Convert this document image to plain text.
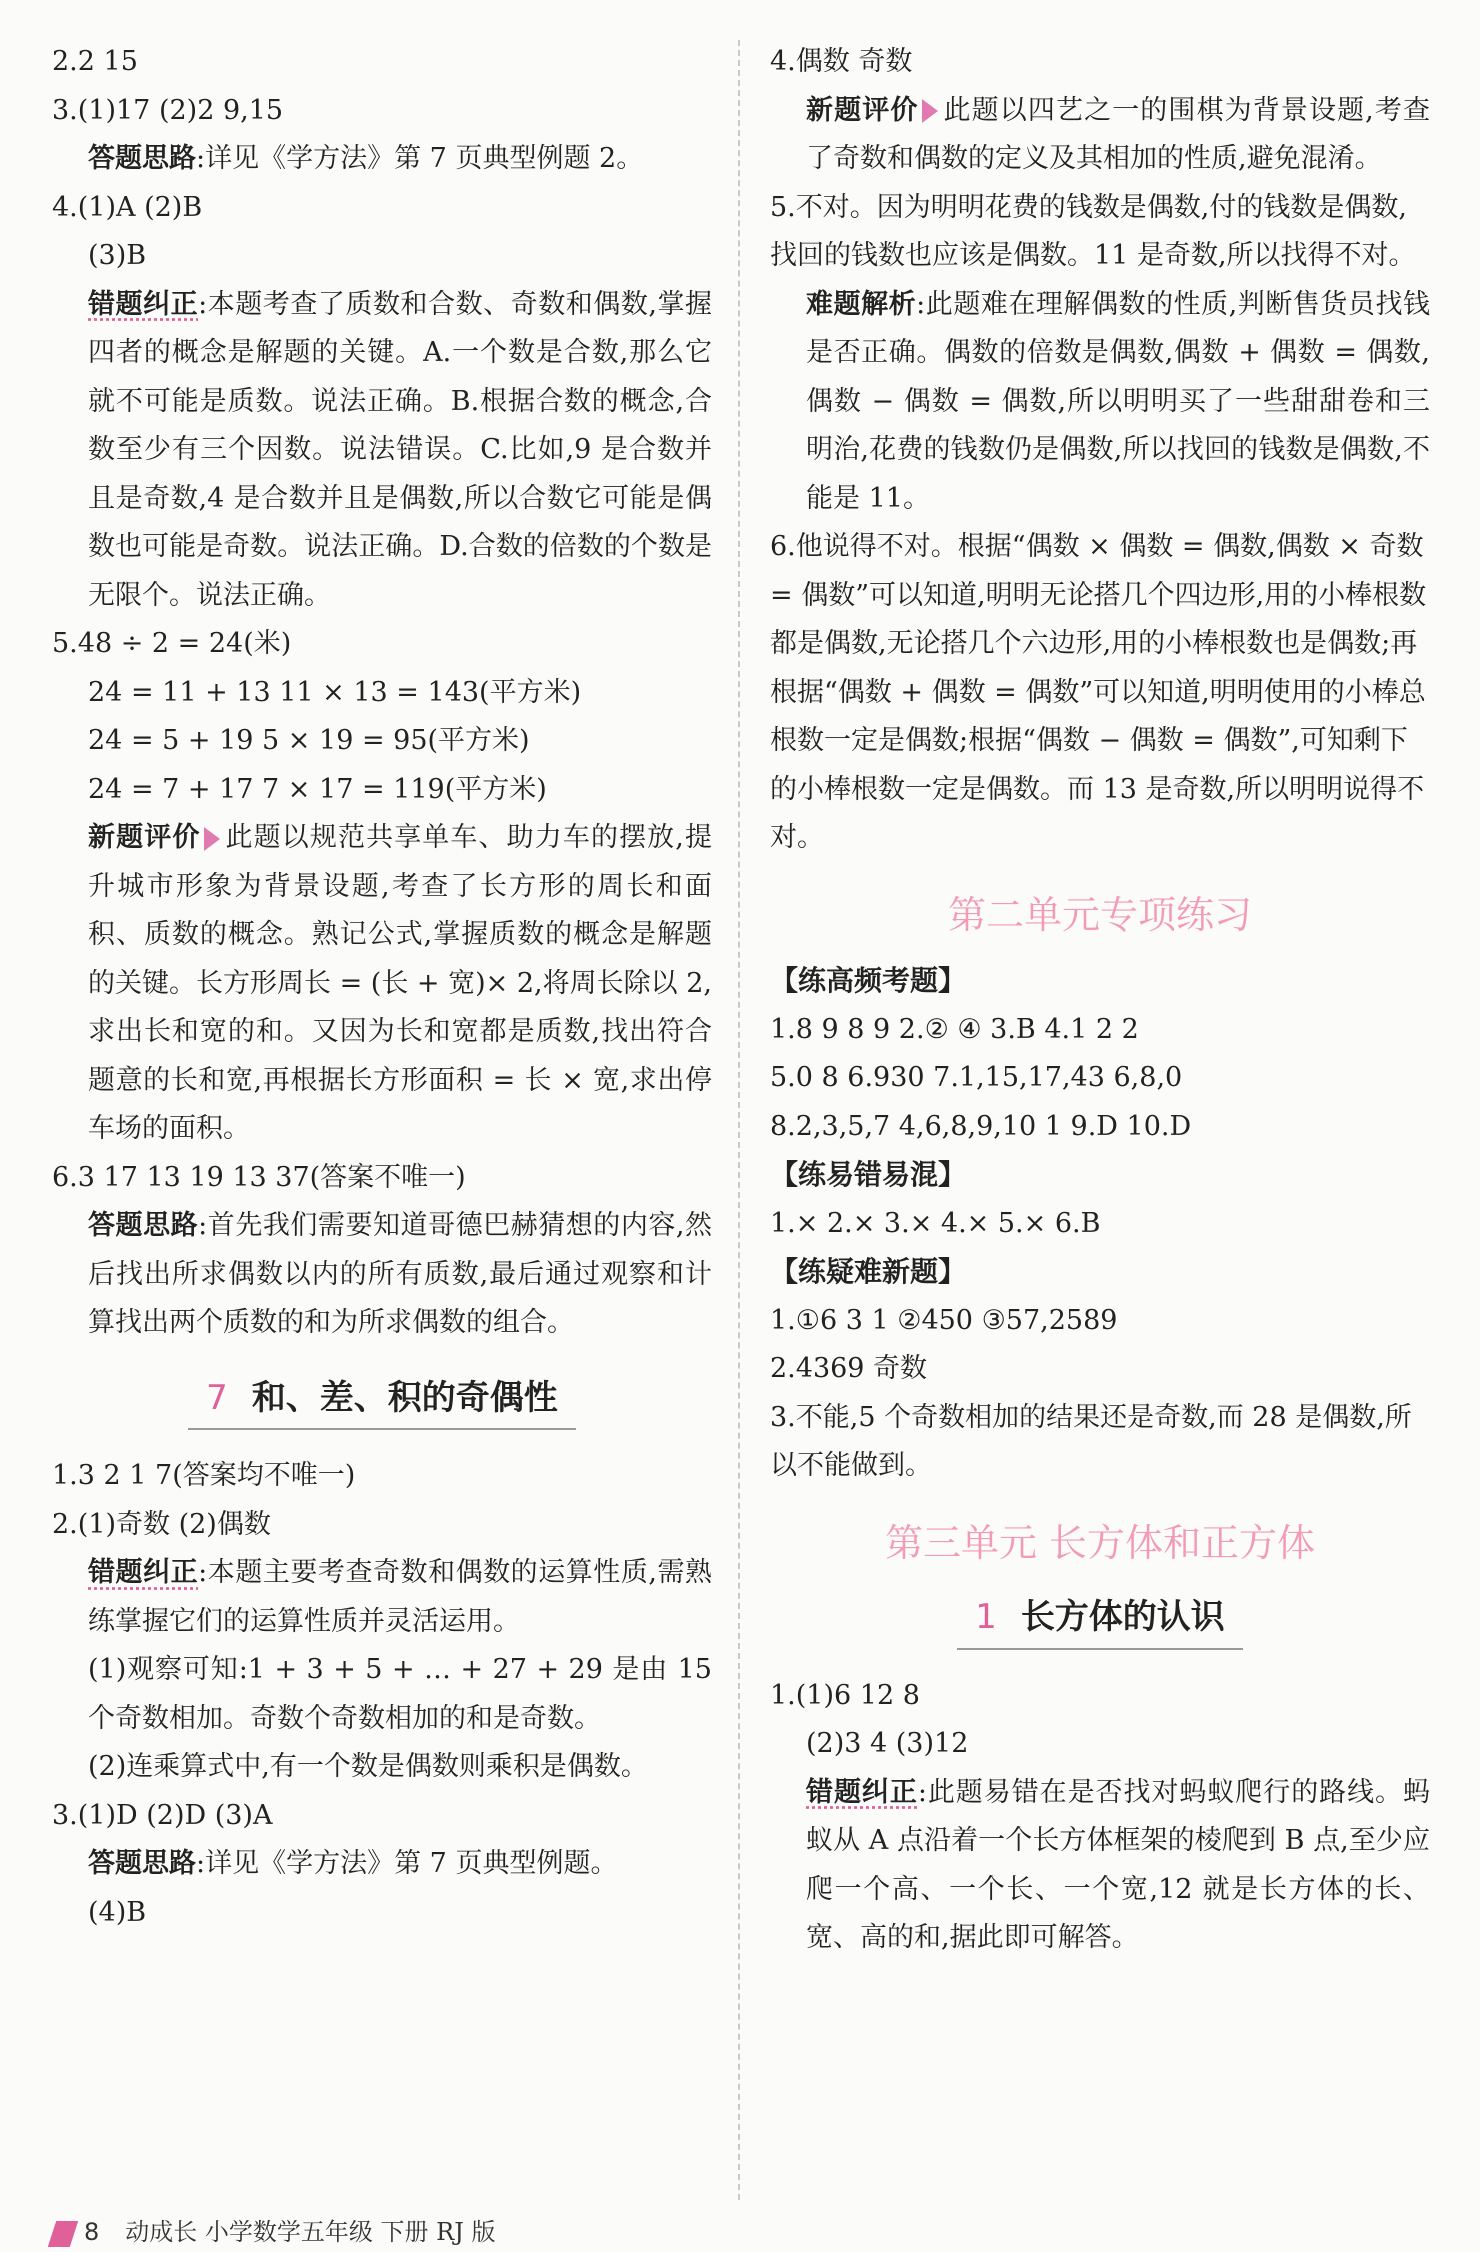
2.2 15
3.(1)17 (2)2 9,15
答题思路:详见《学方法》第 7 页典型例题 2。
4.(1)A (2)B
(3)B
错题纠正:本题考查了质数和合数、奇数和偶数,掌握四者的概念是解题的关键。A.一个数是合数,那么它就不可能是质数。说法正确。B.根据合数的概念,合数至少有三个因数。说法错误。C.比如,9 是合数并且是奇数,4 是合数并且是偶数,所以合数它可能是偶数也可能是奇数。说法正确。D.合数的倍数的个数是无限个。说法正确。
5.48 ÷ 2 = 24(米)
24 = 11 + 13 11 × 13 = 143(平方米)
24 = 5 + 19 5 × 19 = 95(平方米)
24 = 7 + 17 7 × 17 = 119(平方米)
新题评价 此题以规范共享单车、助力车的摆放,提升城市形象为背景设题,考查了长方形的周长和面积、质数的概念。熟记公式,掌握质数的概念是解题的关键。长方形周长 = (长 + 宽)× 2,将周长除以 2,求出长和宽的和。又因为长和宽都是质数,找出符合题意的长和宽,再根据长方形面积 = 长 × 宽,求出停车场的面积。
6.3 17 13 19 13 37(答案不唯一)
答题思路:首先我们需要知道哥德巴赫猜想的内容,然后找出所求偶数以内的所有质数,最后通过观察和计算找出两个质数的和为所求偶数的组合。
7 和、差、积的奇偶性
1.3 2 1 7(答案均不唯一)
2.(1)奇数 (2)偶数
错题纠正:本题主要考查奇数和偶数的运算性质,需熟练掌握它们的运算性质并灵活运用。
(1)观察可知:1 + 3 + 5 + … + 27 + 29 是由 15 个奇数相加。奇数个奇数相加的和是奇数。
(2)连乘算式中,有一个数是偶数则乘积是偶数。
3.(1)D (2)D (3)A
答题思路:详见《学方法》第 7 页典型例题。
(4)B
4.偶数 奇数
新题评价 此题以四艺之一的围棋为背景设题,考查了奇数和偶数的定义及其相加的性质,避免混淆。
5.不对。因为明明花费的钱数是偶数,付的钱数是偶数,找回的钱数也应该是偶数。11 是奇数,所以找得不对。
难题解析:此题难在理解偶数的性质,判断售货员找钱是否正确。偶数的倍数是偶数,偶数 + 偶数 = 偶数,偶数 − 偶数 = 偶数,所以明明买了一些甜甜卷和三明治,花费的钱数仍是偶数,所以找回的钱数是偶数,不能是 11。
6.他说得不对。根据“偶数 × 偶数 = 偶数,偶数 × 奇数 = 偶数”可以知道,明明无论搭几个四边形,用的小棒根数都是偶数,无论搭几个六边形,用的小棒根数也是偶数;再根据“偶数 + 偶数 = 偶数”可以知道,明明使用的小棒总根数一定是偶数;根据“偶数 − 偶数 = 偶数”,可知剩下的小棒根数一定是偶数。而 13 是奇数,所以明明说得不对。
第二单元专项练习
【练高频考题】
1.8 9 8 9 2.② ④ 3.B 4.1 2 2
5.0 8 6.930 7.1,15,17,43 6,8,0
8.2,3,5,7 4,6,8,9,10 1 9.D 10.D
【练易错易混】
1.× 2.× 3.× 4.× 5.× 6.B
【练疑难新题】
1.①6 3 1 ②450 ③57,2589
2.4369 奇数
3.不能,5 个奇数相加的结果还是奇数,而 28 是偶数,所以不能做到。
第三单元 长方体和正方体
1 长方体的认识
1.(1)6 12 8
(2)3 4 (3)12
错题纠正:此题易错在是否找对蚂蚁爬行的路线。蚂蚁从 A 点沿着一个长方体框架的棱爬到 B 点,至少应爬一个高、一个长、一个宽,12 就是长方体的长、宽、高的和,据此即可解答。
8 动成长 小学数学五年级 下册 RJ 版
